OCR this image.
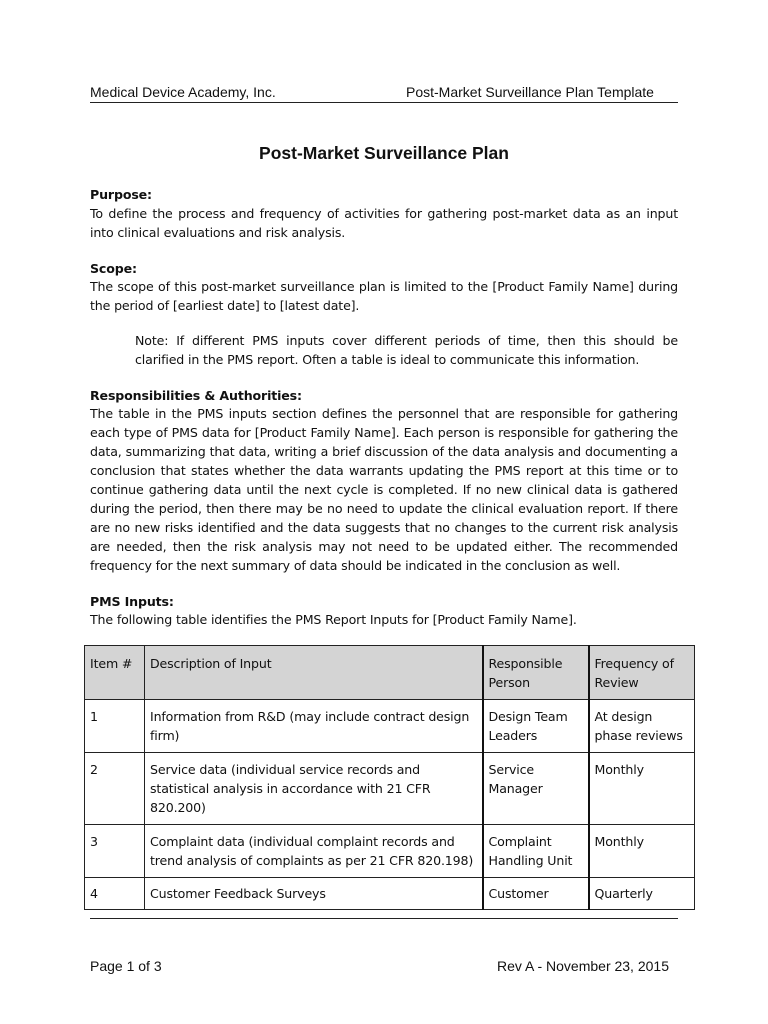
Medical Device Academy, Inc.	Post-Market Surveillance Plan Template
Post-Market Surveillance Plan
Purpose:
To define the process and frequency of activities for gathering post-market data as an input into clinical evaluations and risk analysis.
Scope:
The scope of this post-market surveillance plan is limited to the [Product Family Name] during the period of [earliest date] to [latest date].
Note: If different PMS inputs cover different periods of time, then this should be clarified in the PMS report. Often a table is ideal to communicate this information.
Responsibilities & Authorities:
The table in the PMS inputs section defines the personnel that are responsible for gathering each type of PMS data for [Product Family Name]. Each person is responsible for gathering the data, summarizing that data, writing a brief discussion of the data analysis and documenting a conclusion that states whether the data warrants updating the PMS report at this time or to continue gathering data until the next cycle is completed. If no new clinical data is gathered during the period, then there may be no need to update the clinical evaluation report. If there are no new risks identified and the data suggests that no changes to the current risk analysis are needed, then the risk analysis may not need to be updated either. The recommended frequency for the next summary of data should be indicated in the conclusion as well.
PMS Inputs:
The following table identifies the PMS Report Inputs for [Product Family Name].
Item #	Description of Input	Responsible Person	Frequency of Review
1	Information from R&D (may include contract design firm)	Design Team Leaders	At design phase reviews
2	Service data (individual service records and statistical analysis in accordance with 21 CFR 820.200)	Service Manager	Monthly
3	Complaint data (individual complaint records and trend analysis of complaints as per 21 CFR 820.198)	Complaint Handling Unit	Monthly
4	Customer Feedback Surveys	Customer	Quarterly
Page 1 of 3	Rev A - November 23, 2015
